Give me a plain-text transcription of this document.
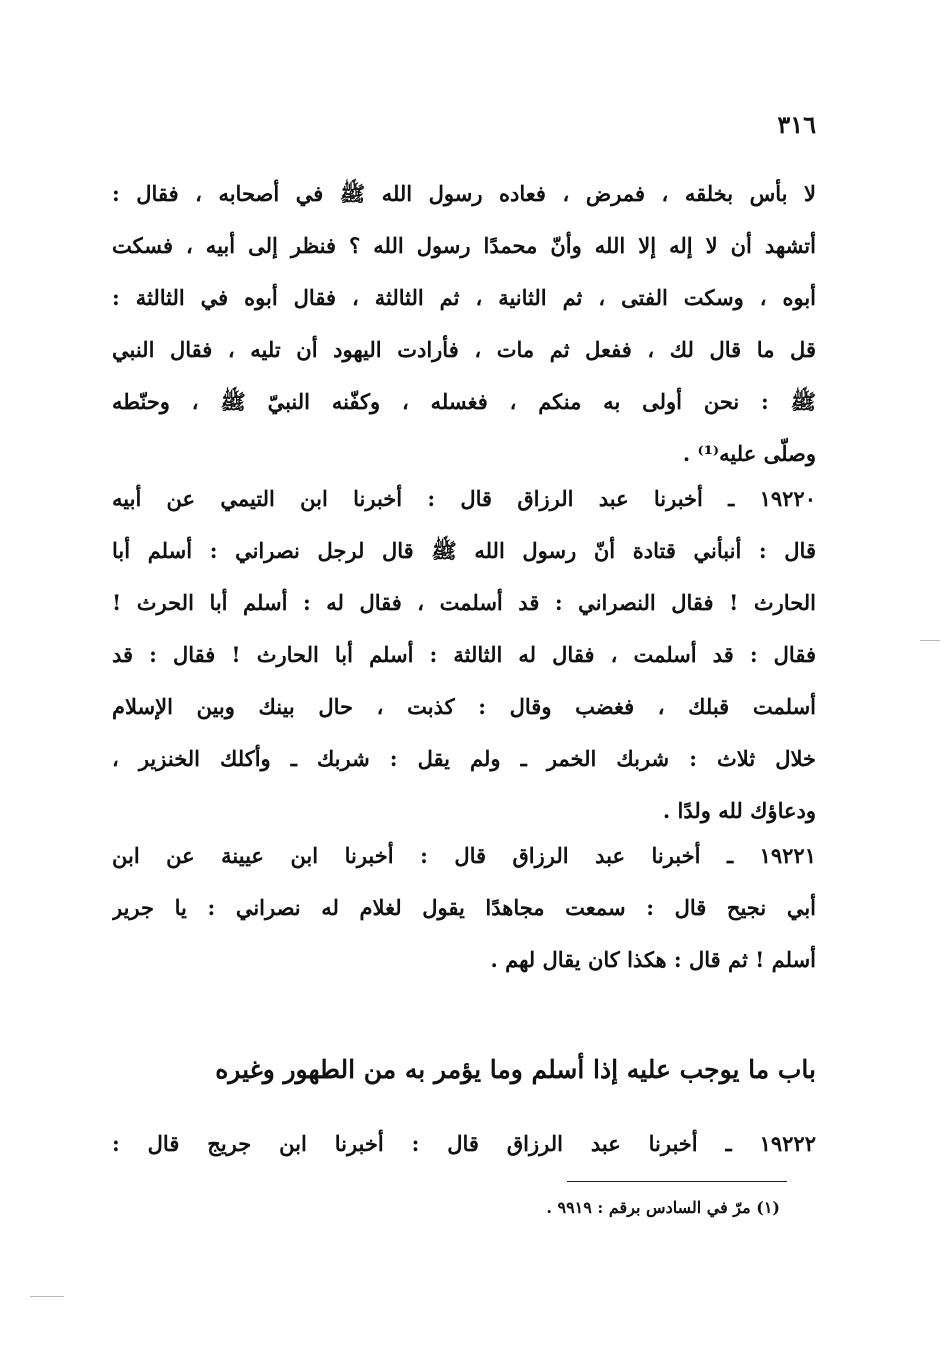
٣١٦
لا بأس بخلقه ، فمرض ، فعاده رسول الله ﷺ في أصحابه ، فقال :
أتشهد أن لا إله إلا الله وأنّ محمدًا رسول الله ؟ فنظر إلى أبيه ، فسكت
أبوه ، وسكت الفتى ، ثم الثانية ، ثم الثالثة ، فقال أبوه في الثالثة :
قل ما قال لك ، ففعل ثم مات ، فأرادت اليهود أن تليه ، فقال النبي
ﷺ : نحن أولى به منكم ، فغسله ، وكفّنه النبيّ ﷺ ، وحنّطه
وصلّى عليه⁽¹⁾ .
١٩٢٢٠ ـ أخبرنا عبد الرزاق قال : أخبرنا ابن التيمي عن أبيه
قال : أنبأني قتادة أنّ رسول الله ﷺ قال لرجل نصراني : أسلم أبا
الحارث ! فقال النصراني : قد أسلمت ، فقال له : أسلم أبا الحرث !
فقال : قد أسلمت ، فقال له الثالثة : أسلم أبا الحارث ! فقال : قد
أسلمت قبلك ، فغضب وقال : كذبت ، حال بينك وبين الإسلام
خلال ثلاث : شربك الخمر ـ ولم يقل : شربك ـ وأكلك الخنزير ،
ودعاؤك لله ولدًا .
١٩٢٢١ ـ أخبرنا عبد الرزاق قال : أخبرنا ابن عيينة عن ابن
أبي نجيح قال : سمعت مجاهدًا يقول لغلام له نصراني : يا جرير
أسلم ! ثم قال : هكذا كان يقال لهم .
باب ما يوجب عليه إذا أسلم وما يؤمر به من الطهور وغيره
١٩٢٢٢ ـ أخبرنا عبد الرزاق قال : أخبرنا ابن جريج قال :
(١) مرّ في السادس برقم : ٩٩١٩ .
